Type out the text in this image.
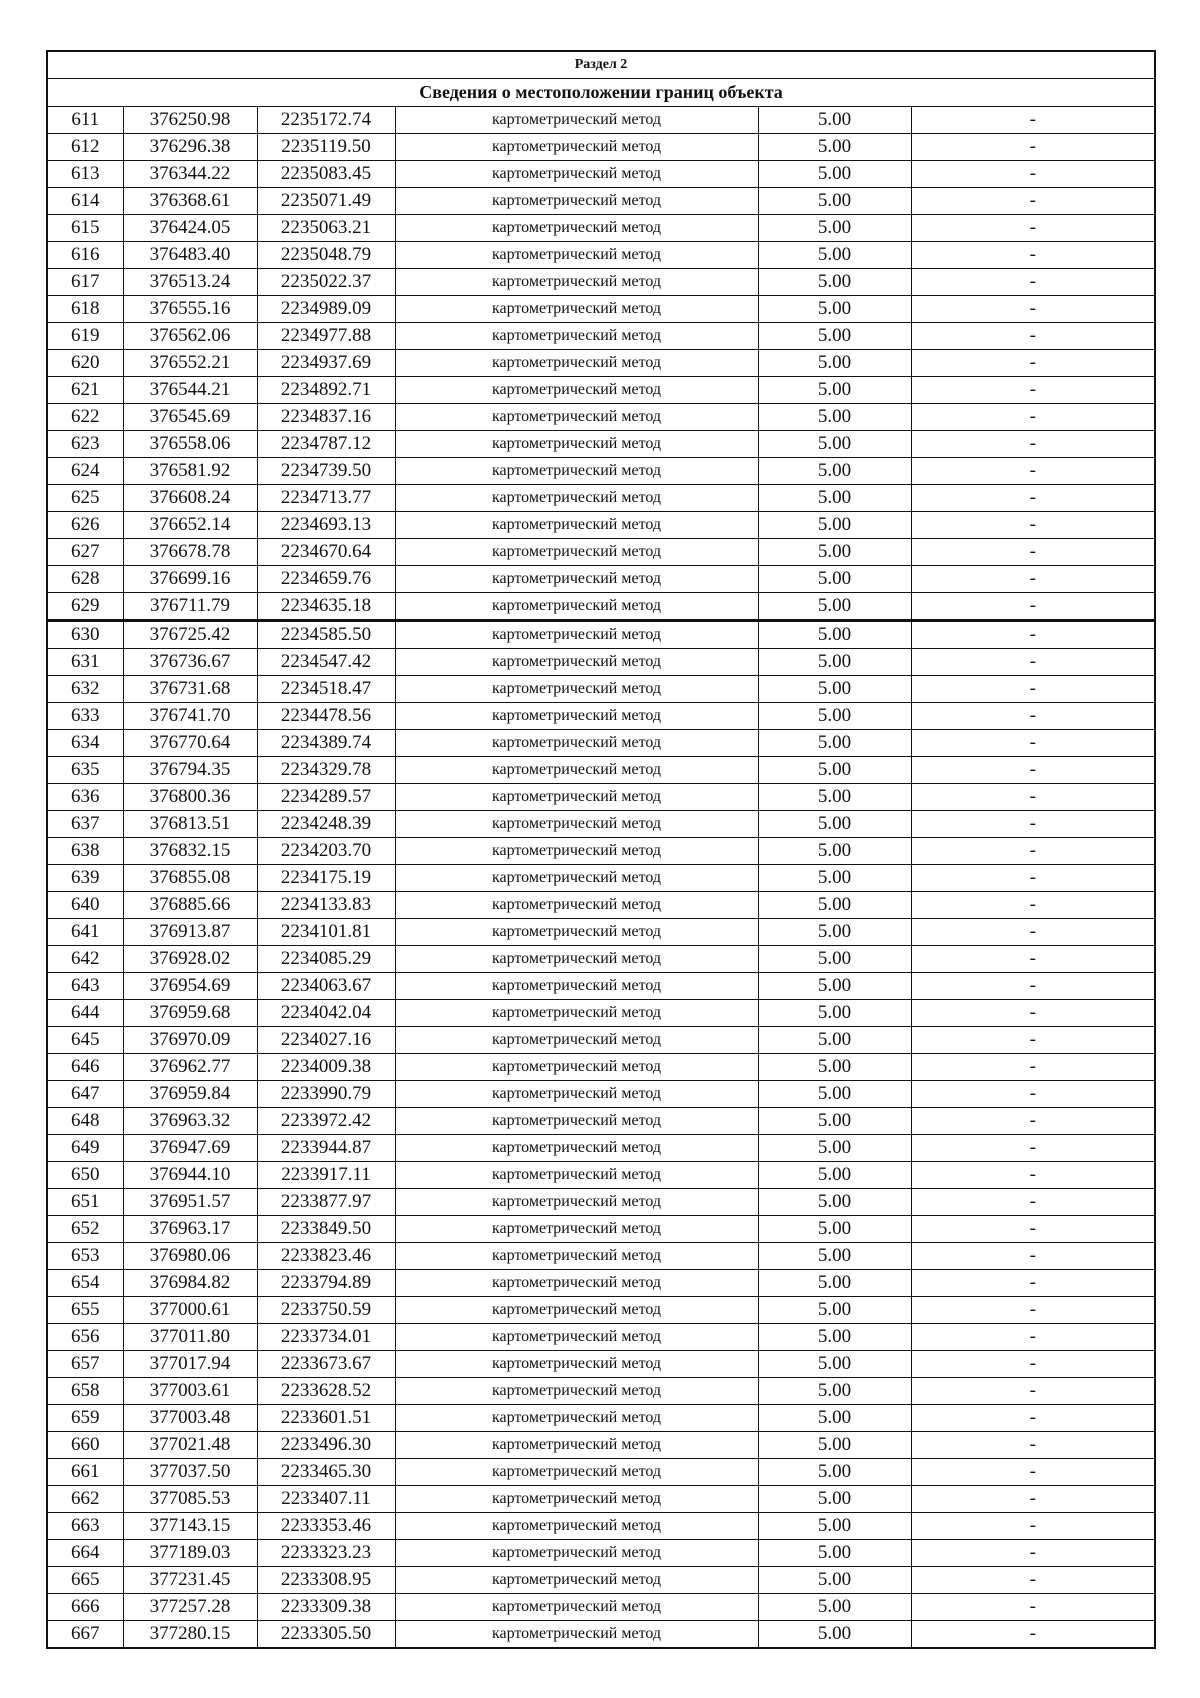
Раздел 2					
Сведения о местоположении границ объекта					
611	376250.98	2235172.74	картометрический метод	5.00	-
612	376296.38	2235119.50	картометрический метод	5.00	-
613	376344.22	2235083.45	картометрический метод	5.00	-
614	376368.61	2235071.49	картометрический метод	5.00	-
615	376424.05	2235063.21	картометрический метод	5.00	-
616	376483.40	2235048.79	картометрический метод	5.00	-
617	376513.24	2235022.37	картометрический метод	5.00	-
618	376555.16	2234989.09	картометрический метод	5.00	-
619	376562.06	2234977.88	картометрический метод	5.00	-
620	376552.21	2234937.69	картометрический метод	5.00	-
621	376544.21	2234892.71	картометрический метод	5.00	-
622	376545.69	2234837.16	картометрический метод	5.00	-
623	376558.06	2234787.12	картометрический метод	5.00	-
624	376581.92	2234739.50	картометрический метод	5.00	-
625	376608.24	2234713.77	картометрический метод	5.00	-
626	376652.14	2234693.13	картометрический метод	5.00	-
627	376678.78	2234670.64	картометрический метод	5.00	-
628	376699.16	2234659.76	картометрический метод	5.00	-
629	376711.79	2234635.18	картометрический метод	5.00	-
630	376725.42	2234585.50	картометрический метод	5.00	-
631	376736.67	2234547.42	картометрический метод	5.00	-
632	376731.68	2234518.47	картометрический метод	5.00	-
633	376741.70	2234478.56	картометрический метод	5.00	-
634	376770.64	2234389.74	картометрический метод	5.00	-
635	376794.35	2234329.78	картометрический метод	5.00	-
636	376800.36	2234289.57	картометрический метод	5.00	-
637	376813.51	2234248.39	картометрический метод	5.00	-
638	376832.15	2234203.70	картометрический метод	5.00	-
639	376855.08	2234175.19	картометрический метод	5.00	-
640	376885.66	2234133.83	картометрический метод	5.00	-
641	376913.87	2234101.81	картометрический метод	5.00	-
642	376928.02	2234085.29	картометрический метод	5.00	-
643	376954.69	2234063.67	картометрический метод	5.00	-
644	376959.68	2234042.04	картометрический метод	5.00	-
645	376970.09	2234027.16	картометрический метод	5.00	-
646	376962.77	2234009.38	картометрический метод	5.00	-
647	376959.84	2233990.79	картометрический метод	5.00	-
648	376963.32	2233972.42	картометрический метод	5.00	-
649	376947.69	2233944.87	картометрический метод	5.00	-
650	376944.10	2233917.11	картометрический метод	5.00	-
651	376951.57	2233877.97	картометрический метод	5.00	-
652	376963.17	2233849.50	картометрический метод	5.00	-
653	376980.06	2233823.46	картометрический метод	5.00	-
654	376984.82	2233794.89	картометрический метод	5.00	-
655	377000.61	2233750.59	картометрический метод	5.00	-
656	377011.80	2233734.01	картометрический метод	5.00	-
657	377017.94	2233673.67	картометрический метод	5.00	-
658	377003.61	2233628.52	картометрический метод	5.00	-
659	377003.48	2233601.51	картометрический метод	5.00	-
660	377021.48	2233496.30	картометрический метод	5.00	-
661	377037.50	2233465.30	картометрический метод	5.00	-
662	377085.53	2233407.11	картометрический метод	5.00	-
663	377143.15	2233353.46	картометрический метод	5.00	-
664	377189.03	2233323.23	картометрический метод	5.00	-
665	377231.45	2233308.95	картометрический метод	5.00	-
666	377257.28	2233309.38	картометрический метод	5.00	-
667	377280.15	2233305.50	картометрический метод	5.00	-
